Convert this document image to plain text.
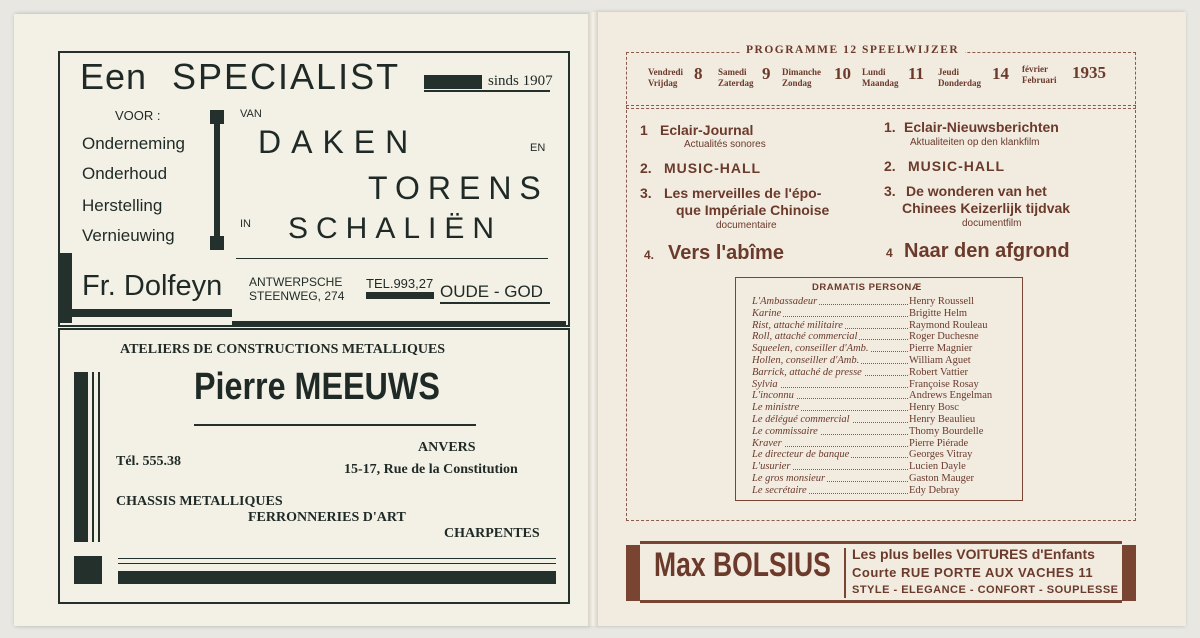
Een SPECIALIST	sinds 1907
VOOR :
Onderneming
Onderhoud
Herstelling
Vernieuwing
VAN
DAKEN	EN
TORENS
IN SCHALIËN
Fr. Dolfeyn ANTWERPSCHE
STEENWEG, 274
TEL.993,27 OUDE - GOD
ATELIERS DE CONSTRUCTIONS METALLIQUES
Pierre MEEUWS
ANVERS
Tél. 555.38
15-17, Rue de la Constitution
CHASSIS METALLIQUES
FERRONNERIES D'ART
CHARPENTES
PROGRAMME 12 SPEELWIJZER
Vendredi
Vrijdag 8 Samedi
Zaterdag 9 Dimanche
Zondag 10 Lundi
Maandag 11 Jeudi
Donderdag 14 février
Februari 1935
1 Eclair-Journal
Actualités sonores
2. MUSIC-HALL
3. Les merveilles de l'épo-
que Impériale Chinoise
documentaire
4. Vers l'abîme
1. Eclair-Nieuwsberichten
Aktualiteiten op den klankfilm
2. MUSIC-HALL
3. De wonderen van het
Chinees Keizerlijk tijdvak
documentfilm
4 Naar den afgrond
DRAMATIS PERSONÆ
L'Ambassadeur	Henry Roussell
Karine	Brigitte Helm
Rist, attaché militaire	Raymond Rouleau
Roll, attaché commercial	Roger Duchesne
Squeelen, conseiller d'Amb.	Pierre Magnier
Hollen, conseiller d'Amb.	William Aguet
Barrick, attaché de presse	Robert Vattier
Sylvia	Françoise Rosay
L'inconnu	Andrews Engelman
Le ministre	Henry Bosc
Le délégué commercial	Henry Beaulieu
Le commissaire	Thomy Bourdelle
Kraver	Pierre Piérade
Le directeur de banque	Georges Vitray
L'usurier	Lucien Dayle
Le gros monsieur	Gaston Mauger
Le secrétaire	Edy Debray
Max BOLSIUS Les plus belles VOITURES d'Enfants
Courte RUE PORTE AUX VACHES 11
STYLE - ELEGANCE - CONFORT - SOUPLESSE
